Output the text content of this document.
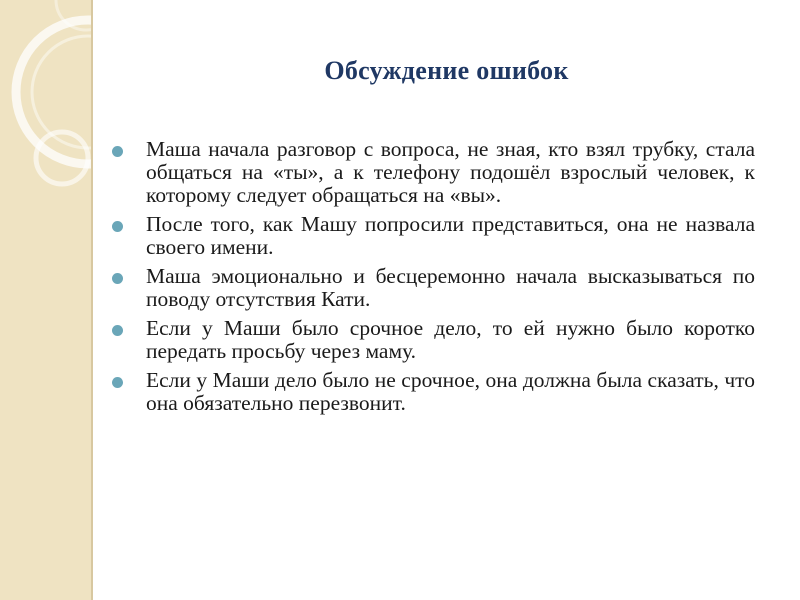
Обсуждение ошибок
Маша начала разговор с вопроса, не зная, кто взял трубку, стала общаться на «ты», а к телефону подошёл взрослый человек, к которому следует обращаться на «вы».
После того, как Машу попросили представиться, она не назвала своего имени.
Маша эмоционально и бесцеремонно начала высказываться по поводу отсутствия Кати.
Если у Маши было срочное дело, то ей нужно было коротко передать просьбу через маму.
Если у Маши дело было не срочное, она должна была сказать, что она обязательно перезвонит.
